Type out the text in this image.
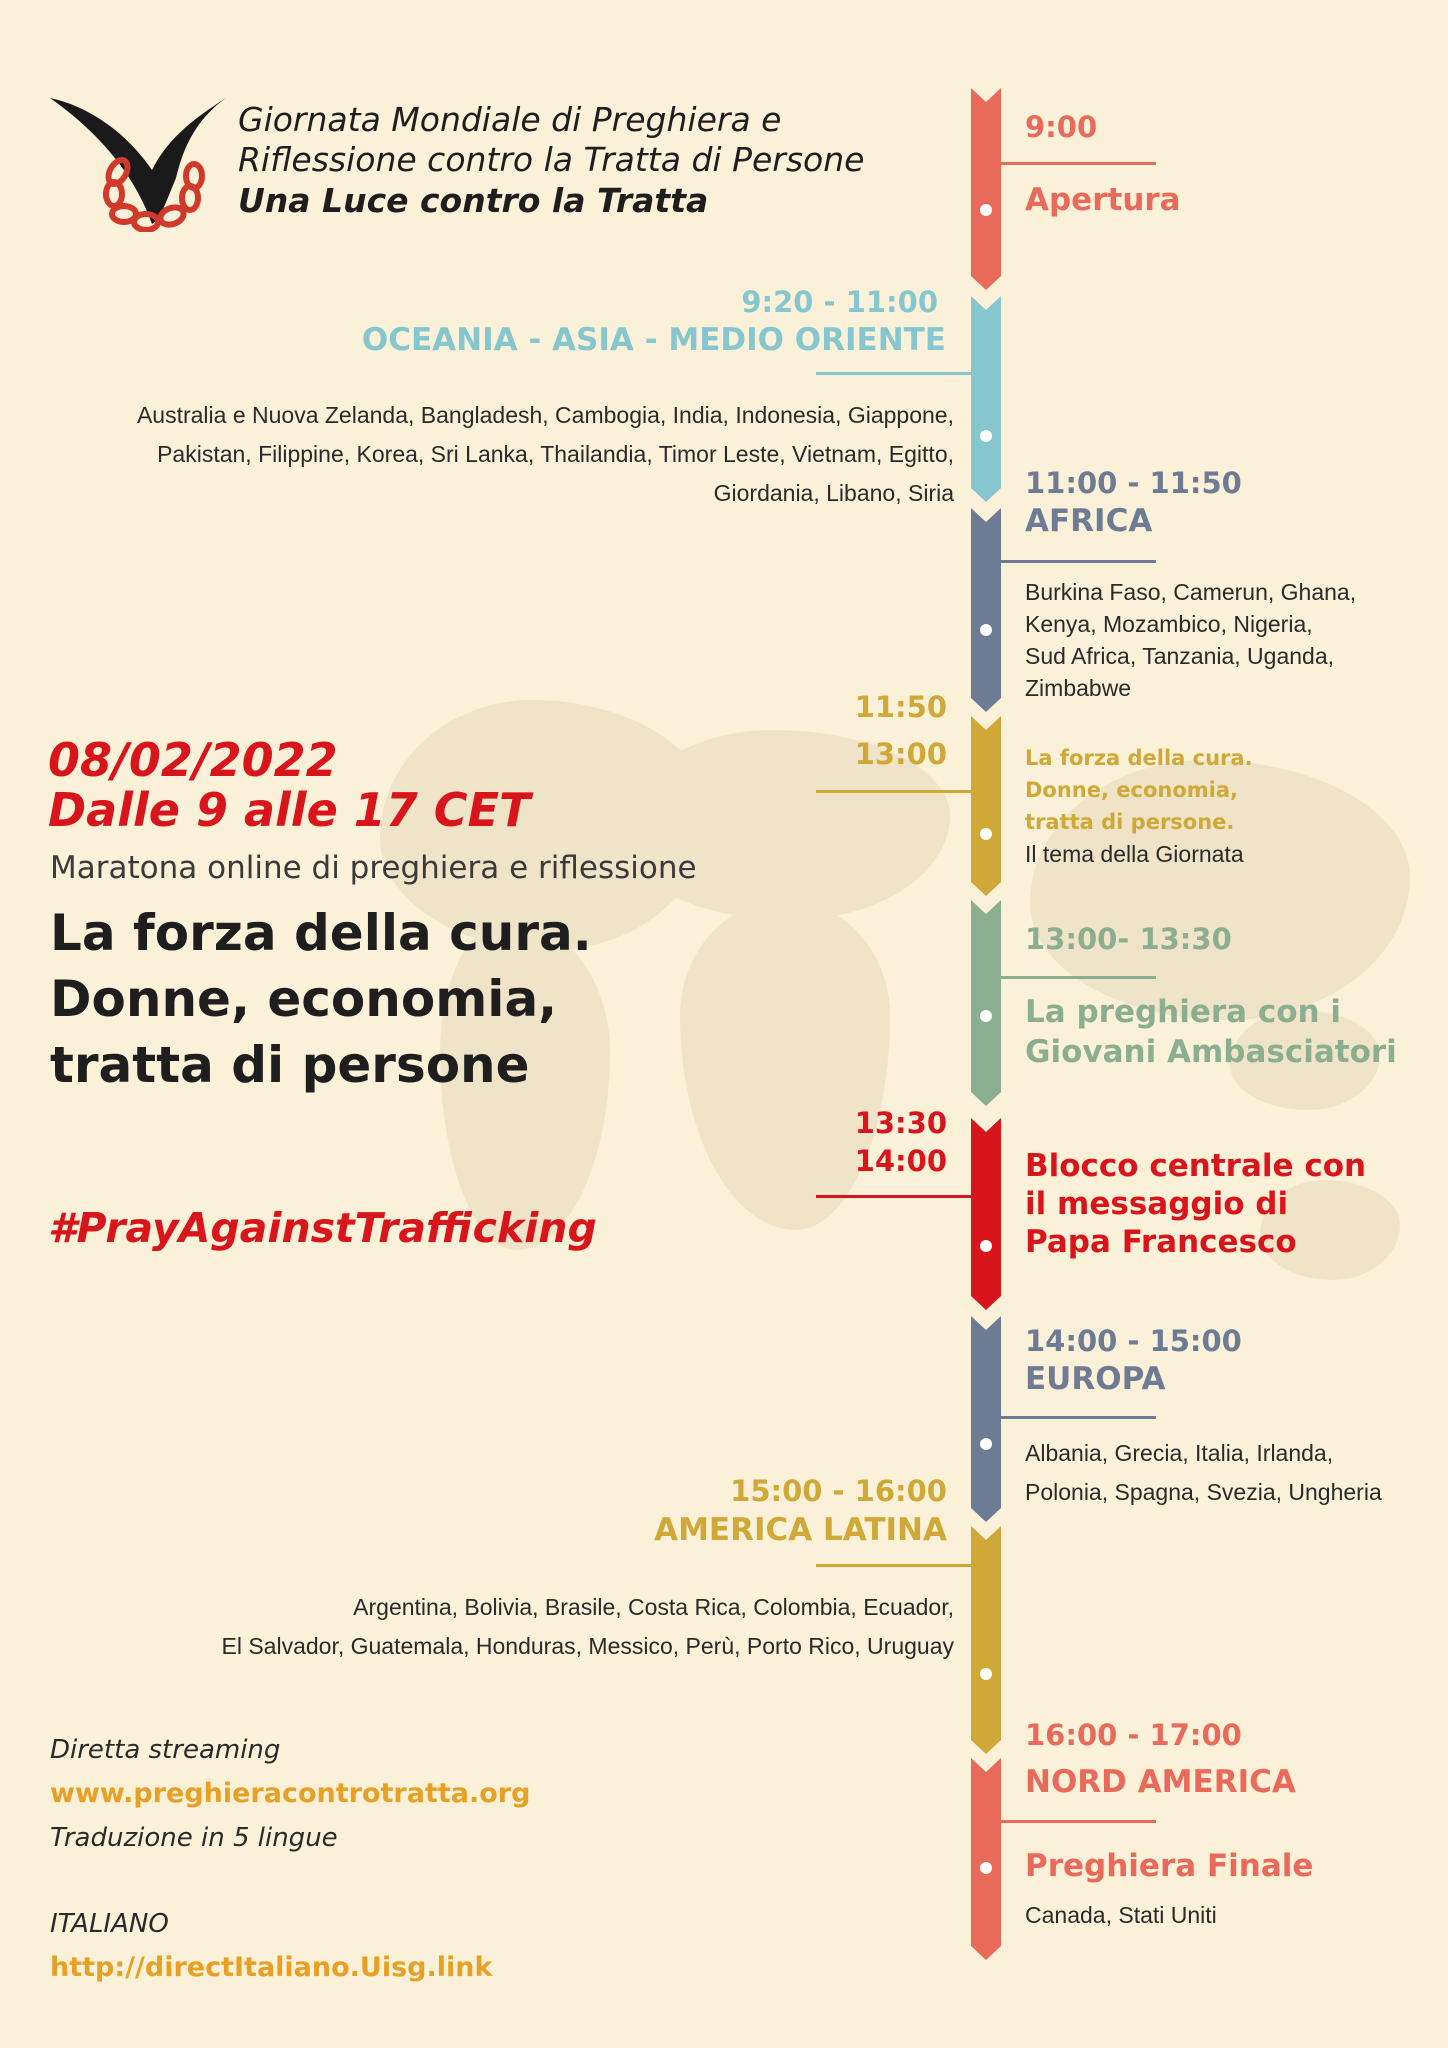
Giornata Mondiale di Preghiera e
Riflessione contro la Tratta di Persone
Una Luce contro la Tratta
08/02/2022
Dalle 9 alle 17 CET
Maratona online di preghiera e riflessione
La forza della cura.
Donne, economia,
tratta di persone
#PrayAgainstTrafficking
Diretta streaming
www.preghieracontrotratta.org
Traduzione in 5 lingue
ITALIANO
http://directItaliano.Uisg.link
9:00
Apertura
9:20 - 11:00
OCEANIA - ASIA - MEDIO ORIENTE
Australia e Nuova Zelanda, Bangladesh, Cambogia, India, Indonesia, Giappone,
Pakistan, Filippine, Korea, Sri Lanka, Thailandia, Timor Leste, Vietnam, Egitto,
Giordania, Libano, Siria 11:00 - 11:50
AFRICA
Burkina Faso, Camerun, Ghana,
Kenya, Mozambico, Nigeria,
Sud Africa, Tanzania, Uganda,
Zimbabwe
11:50
13:00	La forza della cura.
Donne, economia,
tratta di persone.
Il tema della Giornata
13:00- 13:30
La preghiera con i
Giovani Ambasciatori
13:30
14:00	Blocco centrale con
il messaggio di
Papa Francesco
14:00 - 15:00
EUROPA
Albania, Grecia, Italia, Irlanda,
Polonia, Spagna, Svezia, Ungheria
15:00 - 16:00
AMERICA LATINA
Argentina, Bolivia, Brasile, Costa Rica, Colombia, Ecuador,
El Salvador, Guatemala, Honduras, Messico, Perù, Porto Rico, Uruguay
16:00 - 17:00
NORD AMERICA
Preghiera Finale
Canada, Stati Uniti
